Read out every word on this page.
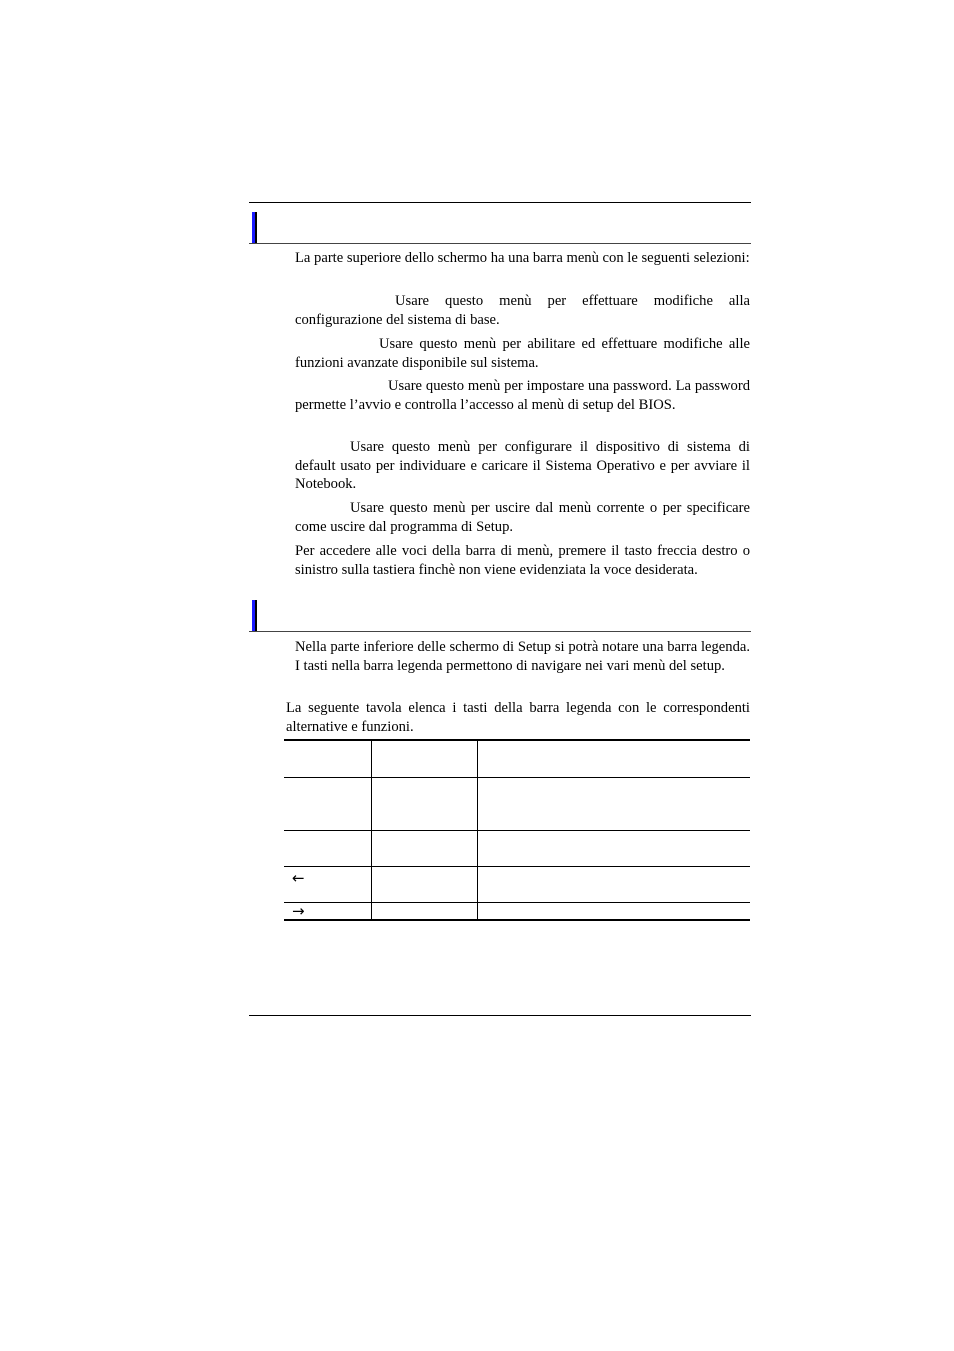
La parte superiore dello schermo ha una barra menù con le seguenti selezioni:

Usare questo menù per effettuare modifiche alla configurazione del sistema di base.

Usare questo menù per abilitare ed effettuare modifiche alle funzioni avanzate disponibile sul sistema.

Usare questo menù per impostare una password. La password permette l’avvio e controlla l’accesso al menù di setup del BIOS.

Usare questo menù per configurare il dispositivo di sistema di default usato per individuare e caricare il Sistema Operativo e per avviare il Notebook.

Usare questo menù per uscire dal menù corrente o per specificare come uscire dal programma di Setup.

Per accedere alle voci della barra di menù, premere il tasto freccia destro o sinistro sulla tastiera finchè non viene evidenziata la voce desiderata.

Nella parte inferiore delle schermo di Setup si potrà notare una barra legenda. I tasti nella barra legenda permettono di navigare nei vari menù del setup.

La seguente tavola elenca i tasti della barra legenda con le correspondenti alternative e funzioni.

←		
→		
